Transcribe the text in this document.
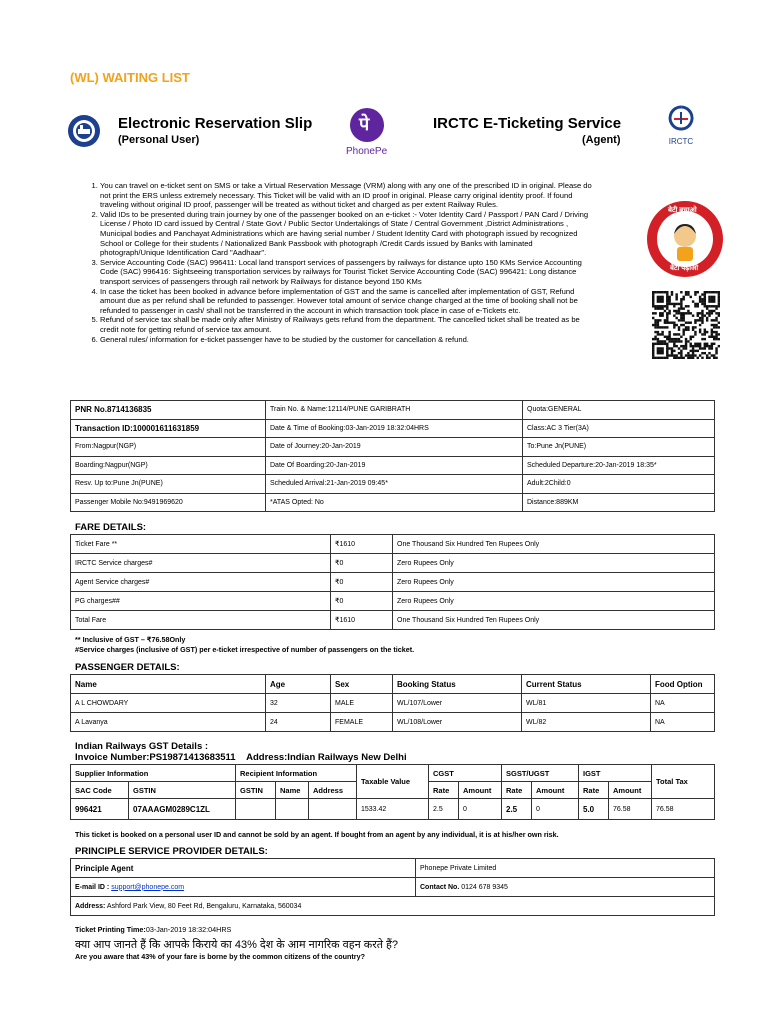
(WL) WAITING LIST
Electronic Reservation Slip
(Personal User)
पे
PhonePe
IRCTC E-Ticketing Service
(Agent)	IRCTC
1. You can travel on e-ticket sent on SMS or take a Virtual Reservation Message (VRM) along with any one of the prescribed ID in original. Please do not print the ERS unless extremely necessary. This Ticket will be valid with an ID proof in original. Please carry original identity proof. If found traveling without original ID proof, passenger will be treated as without ticket and charged as per extent Railway Rules.
2. Valid IDs to be presented during train journey by one of the passenger booked on an e-ticket :- Voter Identity Card / Passport / PAN Card / Driving License / Photo ID card issued by Central / State Govt / Public Sector Undertakings of State / Central Government ,District Administrations , Municipal bodies and Panchayat Administrations which are having serial number / Student Identity Card with photograph issued by recognized School or College for their students / Nationalized Bank Passbook with photograph /Credit Cards issued by Banks with laminated photograph/Unique Identification Card "Aadhaar".
3. Service Accounting Code (SAC) 996411: Local land transport services of passengers by railways for distance upto 150 KMs Service Accounting Code (SAC) 996416: Sightseeing transportation services by railways for Tourist Ticket Service Accounting Code (SAC) 996421: Long distance transport services of passengers through rail network by Railways for distance beyond 150 KMs
4. In case the ticket has been booked in advance before implementation of GST and the same is cancelled after implementation of GST, Refund amount due as per refund shall be refunded to passenger. However total amount of service change charged at the time of booking shall not be refunded to passenger in cash/ shall not be transferred in the account in which transaction took place in case of e-Tickets etc.
5. Refund of service tax shall be made only after Ministry of Railways gets refund from the department. The cancelled ticket shall be treated as be credit note for getting refund of service tax amount.
6. General rules/ information for e-ticket passenger have to be studied by the customer for cancellation & refund.
बेटी बचाओ
बेटी पढ़ाओ
PNR No.8714136835	Train No. & Name:12114/PUNE GARIBRATH	Quota:GENERAL
Transaction ID:100001611631859	Date & Time of Booking:03-Jan-2019 18:32:04HRS	Class:AC 3 Tier(3A)
From:Nagpur(NGP)	Date of Journey:20-Jan-2019	To:Pune Jn(PUNE)
Boarding:Nagpur(NGP)	Date Of Boarding:20-Jan-2019	Scheduled Departure:20-Jan-2019 18:35*
Resv. Up to:Pune Jn(PUNE)	Scheduled Arrival:21-Jan-2019 09:45*	Adult:2Child:0
Passenger Mobile No:9491969620	*ATAS Opted: No	Distance:889KM
FARE DETAILS:
Ticket Fare **	₹1610	One Thousand Six Hundred Ten Rupees Only
IRCTC Service charges#	₹0	Zero Rupees Only
Agent Service charges#	₹0	Zero Rupees Only
PG charges##	₹0	Zero Rupees Only
Total Fare	₹1610	One Thousand Six Hundred Ten Rupees Only
** Inclusive of GST – ₹76.58Only
#Service charges (inclusive of GST) per e-ticket irrespective of number of passengers on the ticket.
PASSENGER DETAILS:
Name	Age	Sex	Booking Status	Current Status	Food Option
A L CHOWDARY	32	MALE	WL/107/Lower	WL/81	NA
A Lavanya	24	FEMALE	WL/108/Lower	WL/82	NA
Indian Railways GST Details :
Invoice Number:PS19871413683511 Address:Indian Railways New Delhi
Supplier Information		Recipient Information			Taxable Value	CGST		SGST/UGST		IGST		Total Tax
SAC Code	GSTIN	GSTIN	Name	Address		Rate	Amount	Rate	Amount	Rate	Amount	
996421	07AAAGM0289C1ZL				1533.42	2.5	0	2.5	0	5.0	76.58	76.58
This ticket is booked on a personal user ID and cannot be sold by an agent. If bought from an agent by any individual, it is at his/her own risk.
PRINCIPLE SERVICE PROVIDER DETAILS:
Principle Agent	Phonepe Private Limited
E-mail ID : support@phonepe.com	Contact No. 0124 678 9345
Address: Ashford Park View, 80 Feet Rd, Bengaluru, Karnataka, 560034	
Ticket Printing Time:03-Jan-2019 18:32:04HRS
क्या आप जानते हैं कि आपके किराये का 43% देश के आम नागरिक वहन करते हैं?
Are you aware that 43% of your fare is borne by the common citizens of the country?
